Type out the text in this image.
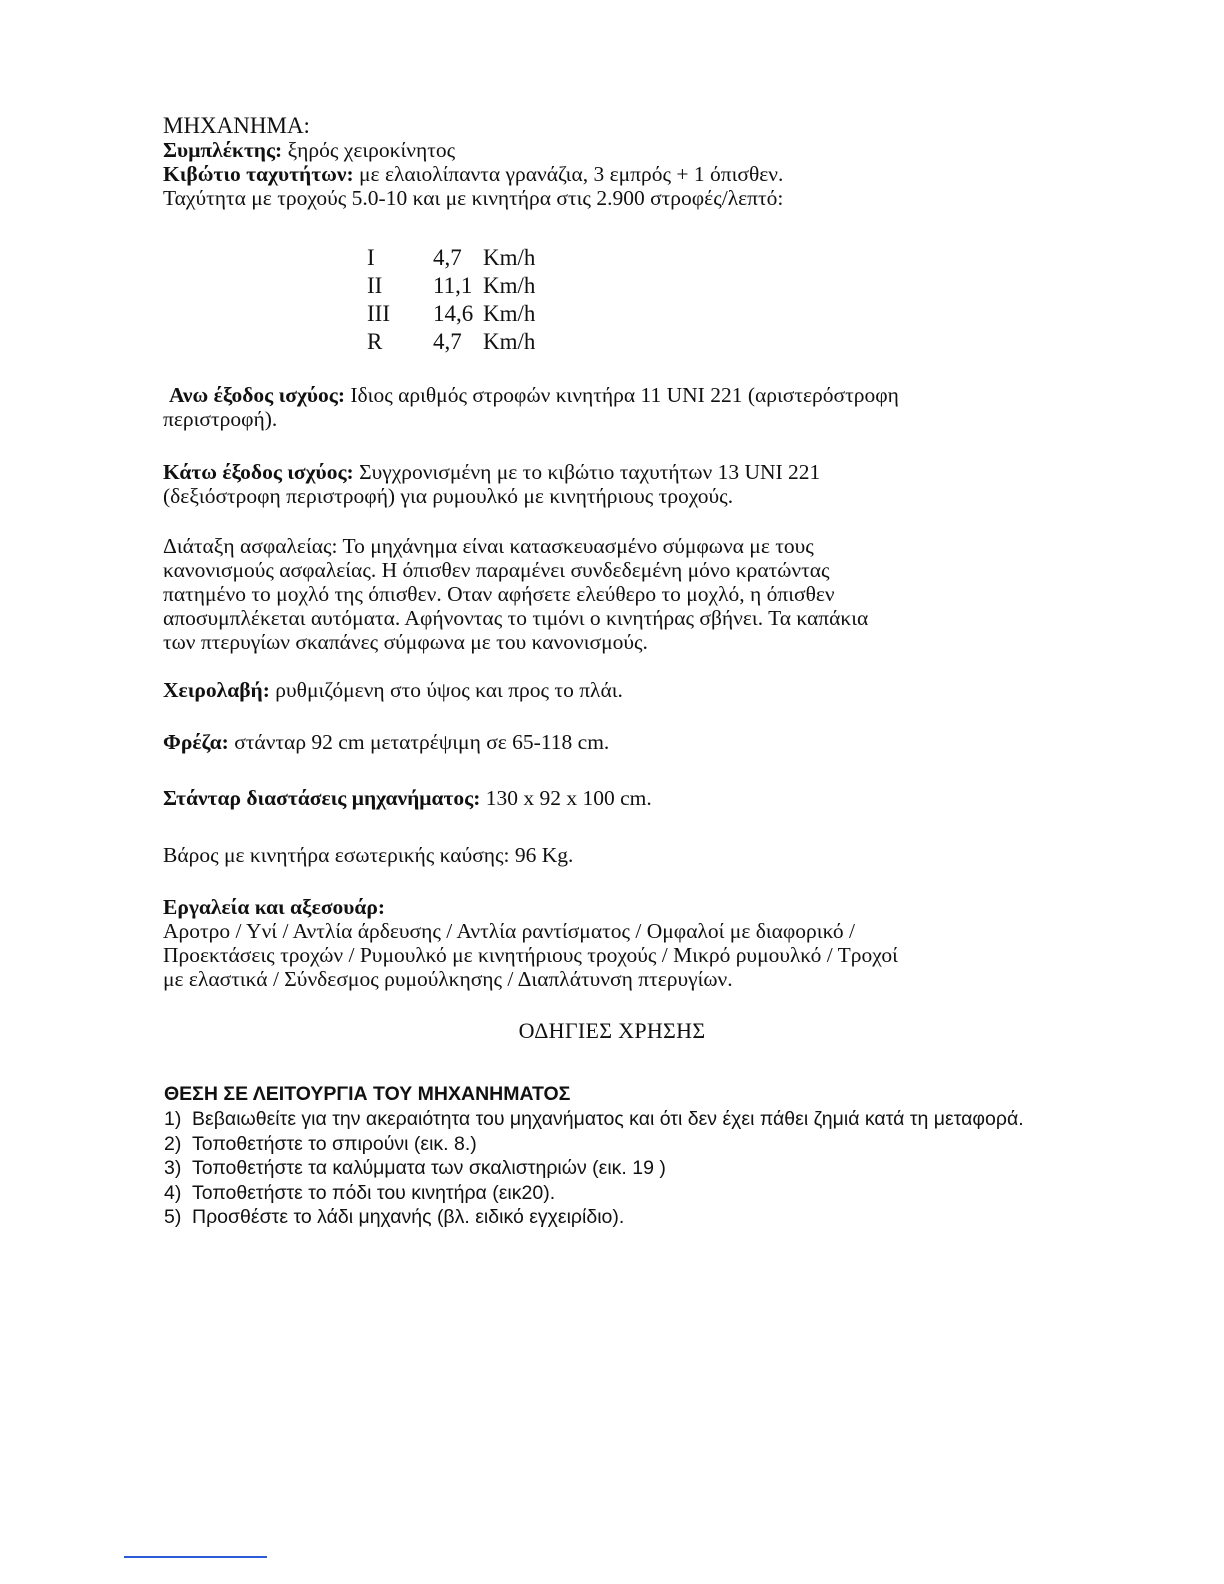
ΜΗΧΑΝΗΜΑ:
Συμπλέκτης: ξηρός χειροκίνητος
Κιβώτιο ταχυτήτων: με ελαιολίπαντα γρανάζια, 3 εμπρός + 1 όπισθεν.
Ταχύτητα με τροχούς 5.0-10 και με κινητήρα στις 2.900 στροφές/λεπτό:
I	4,7 Km/h
II 11,1 Km/h
III 14,6 Km/h
R 4,7 Km/h
Ανω έξοδος ισχύος: Ιδιος αριθμός στροφών κινητήρα 11 UNI 221 (αριστερόστροφη
περιστροφή).
Κάτω έξοδος ισχύος: Συγχρονισμένη με το κιβώτιο ταχυτήτων 13 UNI 221
(δεξιόστροφη περιστροφή) για ρυμουλκό με κινητήριους τροχούς.
Διάταξη ασφαλείας: Το μηχάνημα είναι κατασκευασμένο σύμφωνα με τους
κανονισμούς ασφαλείας. Η όπισθεν παραμένει συνδεδεμένη μόνο κρατώντας
πατημένο το μοχλό της όπισθεν. Οταν αφήσετε ελεύθερο το μοχλό, η όπισθεν
αποσυμπλέκεται αυτόματα. Αφήνοντας το τιμόνι ο κινητήρας σβήνει. Τα καπάκια
των πτερυγίων σκαπάνες σύμφωνα με του κανονισμούς.
Χειρολαβή: ρυθμιζόμενη στο ύψος και προς το πλάι.
Φρέζα: στάνταρ 92 cm μετατρέψιμη σε 65-118 cm.
Στάνταρ διαστάσεις μηχανήματος: 130 x 92 x 100 cm.
Βάρος με κινητήρα εσωτερικής καύσης: 96 Kg.
Εργαλεία και αξεσουάρ:
Αροτρο / Υνί / Αντλία άρδευσης / Αντλία ραντίσματος / Ομφαλοί με διαφορικό /
Προεκτάσεις τροχών / Ρυμουλκό με κινητήριους τροχούς / Μικρό ρυμουλκό / Τροχοί
με ελαστικά / Σύνδεσμος ρυμούλκησης / Διαπλάτυνση πτερυγίων.
ΟΔΗΓΙΕΣ ΧΡΗΣΗΣ
ΘΕΣΗ ΣΕ ΛΕΙΤΟΥΡΓΙΑ ΤΟΥ ΜΗΧΑΝΗΜΑΤΟΣ
1) Βεβαιωθείτε για την ακεραιότητα του μηχανήματος και ότι δεν έχει πάθει ζημιά κατά τη μεταφορά.
2) Τοποθετήστε το σπιρούνι (εικ. 8.)
3) Τοποθετήστε τα καλύμματα των σκαλιστηριών (εικ. 19 )
4) Τοποθετήστε το πόδι του κινητήρα (εικ20).
5) Προσθέστε το λάδι μηχανής (βλ. ειδικό εγχειρίδιο).
